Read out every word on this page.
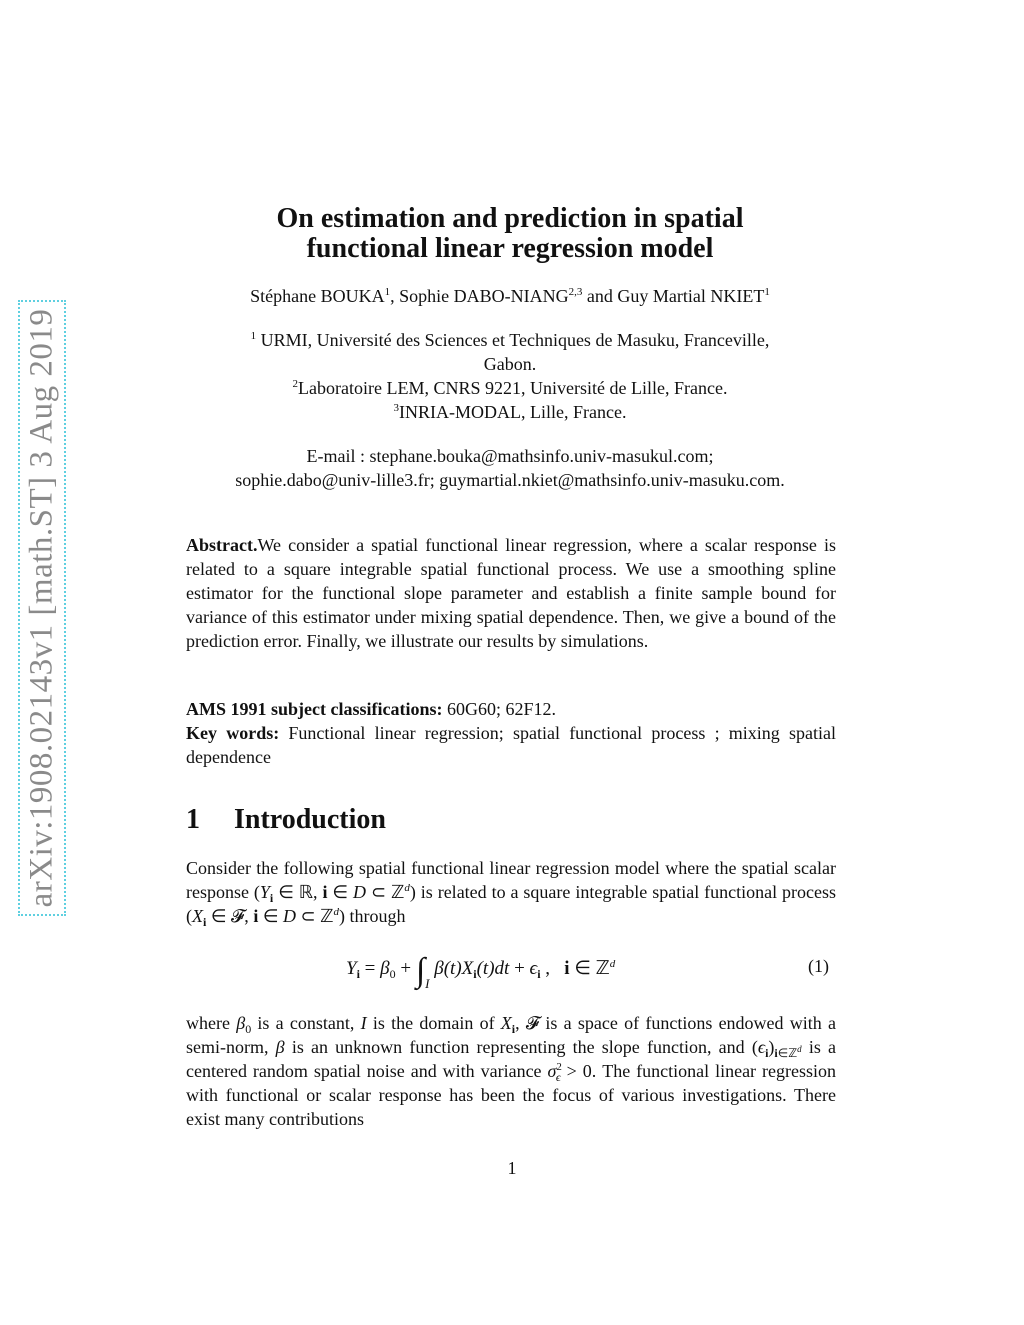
arXiv:1908.02143v1 [math.ST] 3 Aug 2019
On estimation and prediction in spatial
functional linear regression model
Stéphane BOUKA$^1$, Sophie DABO-NIANG$^{2,3}$ and Guy Martial NKIET$^1$
$^1$ URMI, Université des Sciences et Techniques de Masuku, Franceville,
Gabon.
$^2$Laboratoire LEM, CNRS 9221, Université de Lille, France.
$^3$INRIA-MODAL, Lille, France.
E-mail : stephane.bouka@mathsinfo.univ-masukul.com;
sophie.dabo@univ-lille3.fr; guymartial.nkiet@mathsinfo.univ-masuku.com.
Abstract.We consider a spatial functional linear regression, where a scalar response is related to a square integrable spatial functional process. We use a smoothing spline estimator for the functional slope parameter and establish a finite sample bound for variance of this estimator under mixing spatial dependence. Then, we give a bound of the prediction error. Finally, we illustrate our results by simulations.
AMS 1991 subject classifications: 60G60; 62F12.
Key words: Functional linear regression; spatial functional process ; mixing spatial dependence
1 Introduction
Consider the following spatial functional linear regression model where the spatial scalar response ($Y_i$ ∈ ℝ, i ∈ D ⊂ ℤ$^d$) is related to a square integrable spatial functional process ($X_i$ ∈ 𝓕, i ∈ D ⊂ ℤ$^d$) through
$Y_i = \beta_0 + \int_I$ $\beta(t)X_i(t)dt + \epsilon_i$ ,   i ∈ ℤ$^d$	(1)
where $\beta_0$ is a constant, I is the domain of $X_i$, 𝓕 is a space of functions endowed with a semi-norm, β is an unknown function representing the slope function, and $(\epsilon_i)_{i\in ℤ^d}$ is a centered random spatial noise and with variance $\sigma^2_\epsilon > 0$. The functional linear regression with functional or scalar response has been the focus of various investigations. There exist many contributions
1
